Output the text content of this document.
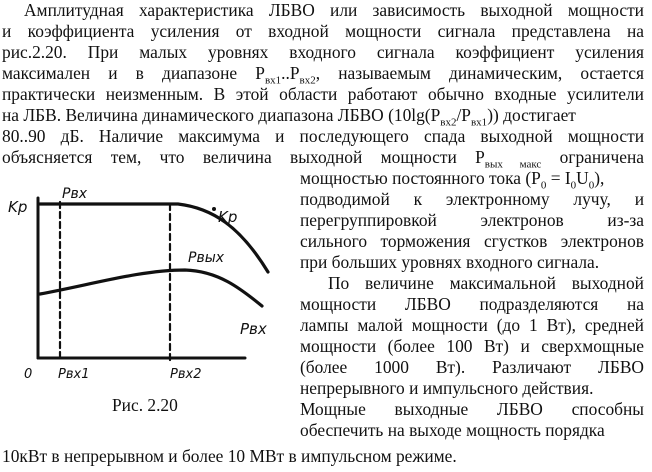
Амплитудная характеристика ЛБВО или зависимость выходной мощности
и коэффициента усиления от входной мощности сигнала представлена на
рис.2.20. При малых уровнях входного сигнала коэффициент усиления
максимален и в диапазоне $P_{вх1}..P_{вх2}$, называемым динамическим, остается
практически неизменным. В этой области работают обычно входные усилители
на ЛБВ. Величина динамического диапазона ЛБВО $(10\lg(P_{вх2}/P_{вх1}))$ достигает
80..90 дБ. Наличие максимума и последующего спада выходной мощности
объясняется тем, что величина выходной мощности $P_{вых макс}$ ограничена
мощностью постоянного тока $(P_0 = I_0U_0)$,
подводимой к электронному лучу, и
перегруппировкой электронов из-за
сильного торможения сгустков электронов
при больших уровнях входного сигнала.
По величине максимальной выходной
мощности ЛБВО подразделяются на
лампы малой мощности (до 1 Вт), средней
мощности (более 100 Вт) и сверхмощные
(более 1000 Вт). Различают ЛБВО
непрерывного и импульсного действия.
Мощные выходные ЛБВО способны
обеспечить на выходе мощность порядка
10кВт в непрерывном и более 10 МВт в импульсном режиме.
Kp
Pвх
Kp
Pвых
Pвх
0 Pвх1	Pвх2
Рис. 2.20
